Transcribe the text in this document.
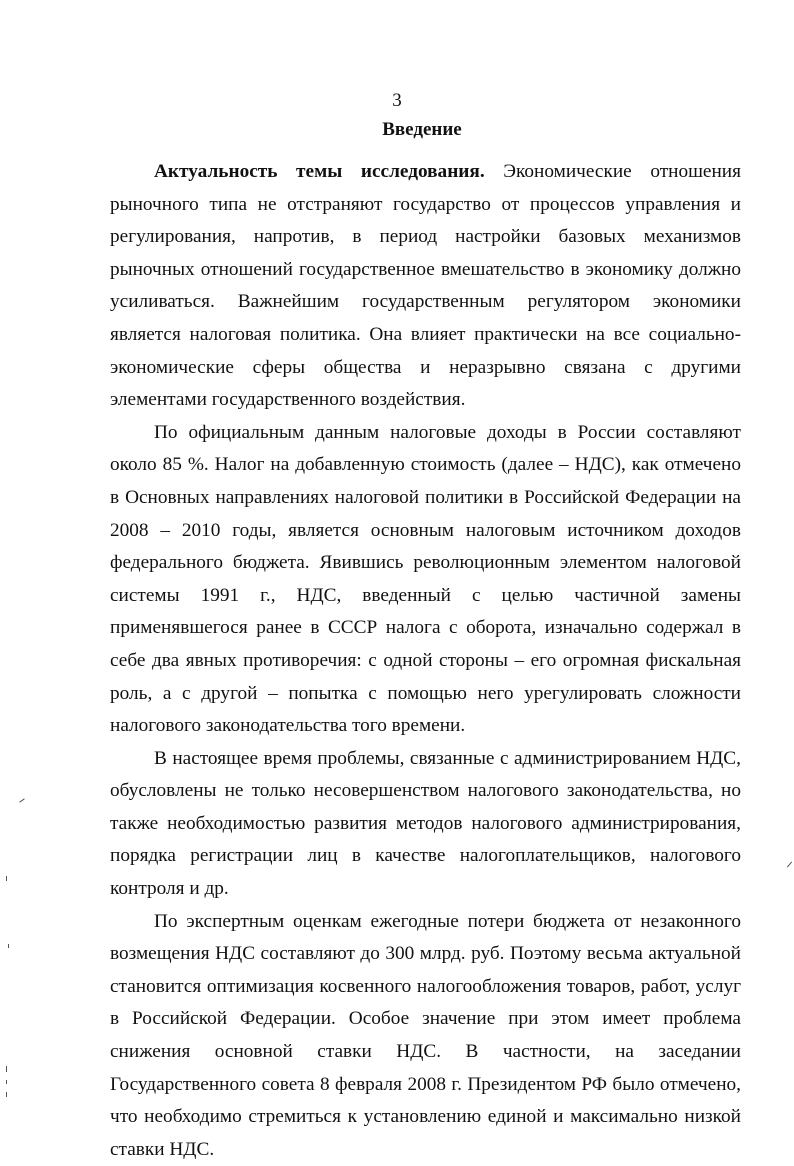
3
Введение

Актуальность темы исследования. Экономические отношения рыночного типа не отстраняют государство от процессов управления и регулирования, напротив, в период настройки базовых механизмов рыночных отношений государственное вмешательство в экономику должно усиливаться. Важнейшим государственным регулятором экономики является налоговая политика. Она влияет практически на все социально-экономические сферы общества и неразрывно связана с другими элементами государственного воздействия.

По официальным данным налоговые доходы в России составляют около 85 %. Налог на добавленную стоимость (далее – НДС), как отмечено в Основных направлениях налоговой политики в Российской Федерации на 2008 – 2010 годы, является основным налоговым источником доходов федерального бюджета. Явившись революционным элементом налоговой системы 1991 г., НДС, введенный с целью частичной замены применявшегося ранее в СССР налога с оборота, изначально содержал в себе два явных противоречия: с одной стороны – его огромная фискальная роль, а с другой – попытка с помощью него урегулировать сложности налогового законодательства того времени.

В настоящее время проблемы, связанные с администрированием НДС, обусловлены не только несовершенством налогового законодательства, но также необходимостью развития методов налогового администрирования, порядка регистрации лиц в качестве налогоплательщиков, налогового контроля и др.

По экспертным оценкам ежегодные потери бюджета от незаконного возмещения НДС составляют до 300 млрд. руб. Поэтому весьма актуальной становится оптимизация косвенного налогообложения товаров, работ, услуг в Российской Федерации. Особое значение при этом имеет проблема снижения основной ставки НДС. В частности, на заседании Государственного совета 8 февраля 2008 г. Президентом РФ было отмечено, что необходимо стремиться к установлению единой и максимально низкой ставки НДС.
